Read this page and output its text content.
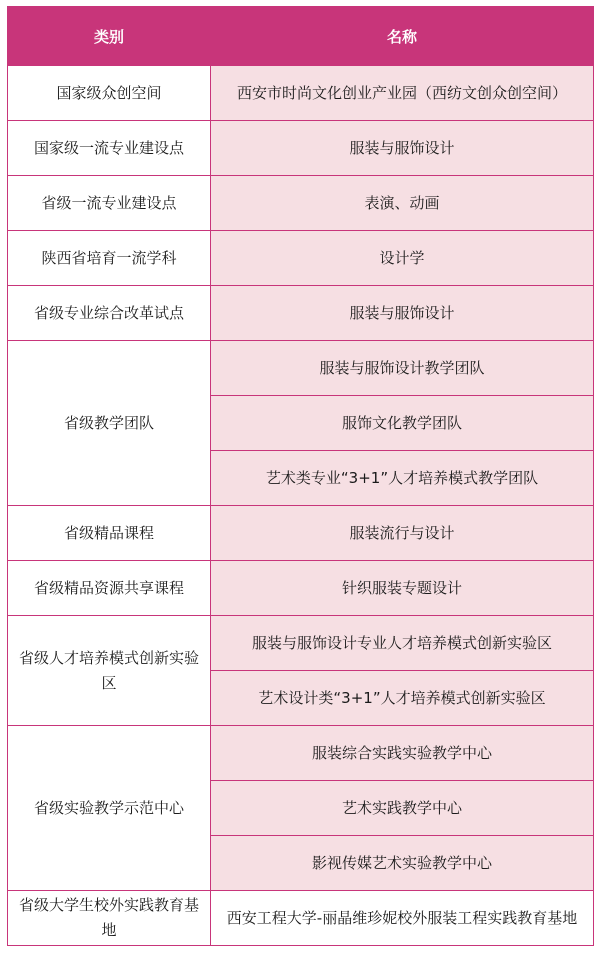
类别	名称
国家级众创空间	西安市时尚文化创业产业园（西纺文创众创空间）
国家级一流专业建设点	服装与服饰设计
省级一流专业建设点	表演、动画
陕西省培育一流学科	设计学
省级专业综合改革试点	服装与服饰设计
省级教学团队	服装与服饰设计教学团队
	服饰文化教学团队
	艺术类专业“3+1”人才培养模式教学团队
省级精品课程	服装流行与设计
省级精品资源共享课程	针织服装专题设计
省级人才培养模式创新实验区	服装与服饰设计专业人才培养模式创新实验区
	艺术设计类“3+1”人才培养模式创新实验区
省级实验教学示范中心	服装综合实践实验教学中心
	艺术实践教学中心
	影视传媒艺术实验教学中心
省级大学生校外实践教育基地	西安工程大学-丽晶维珍妮校外服装工程实践教育基地
